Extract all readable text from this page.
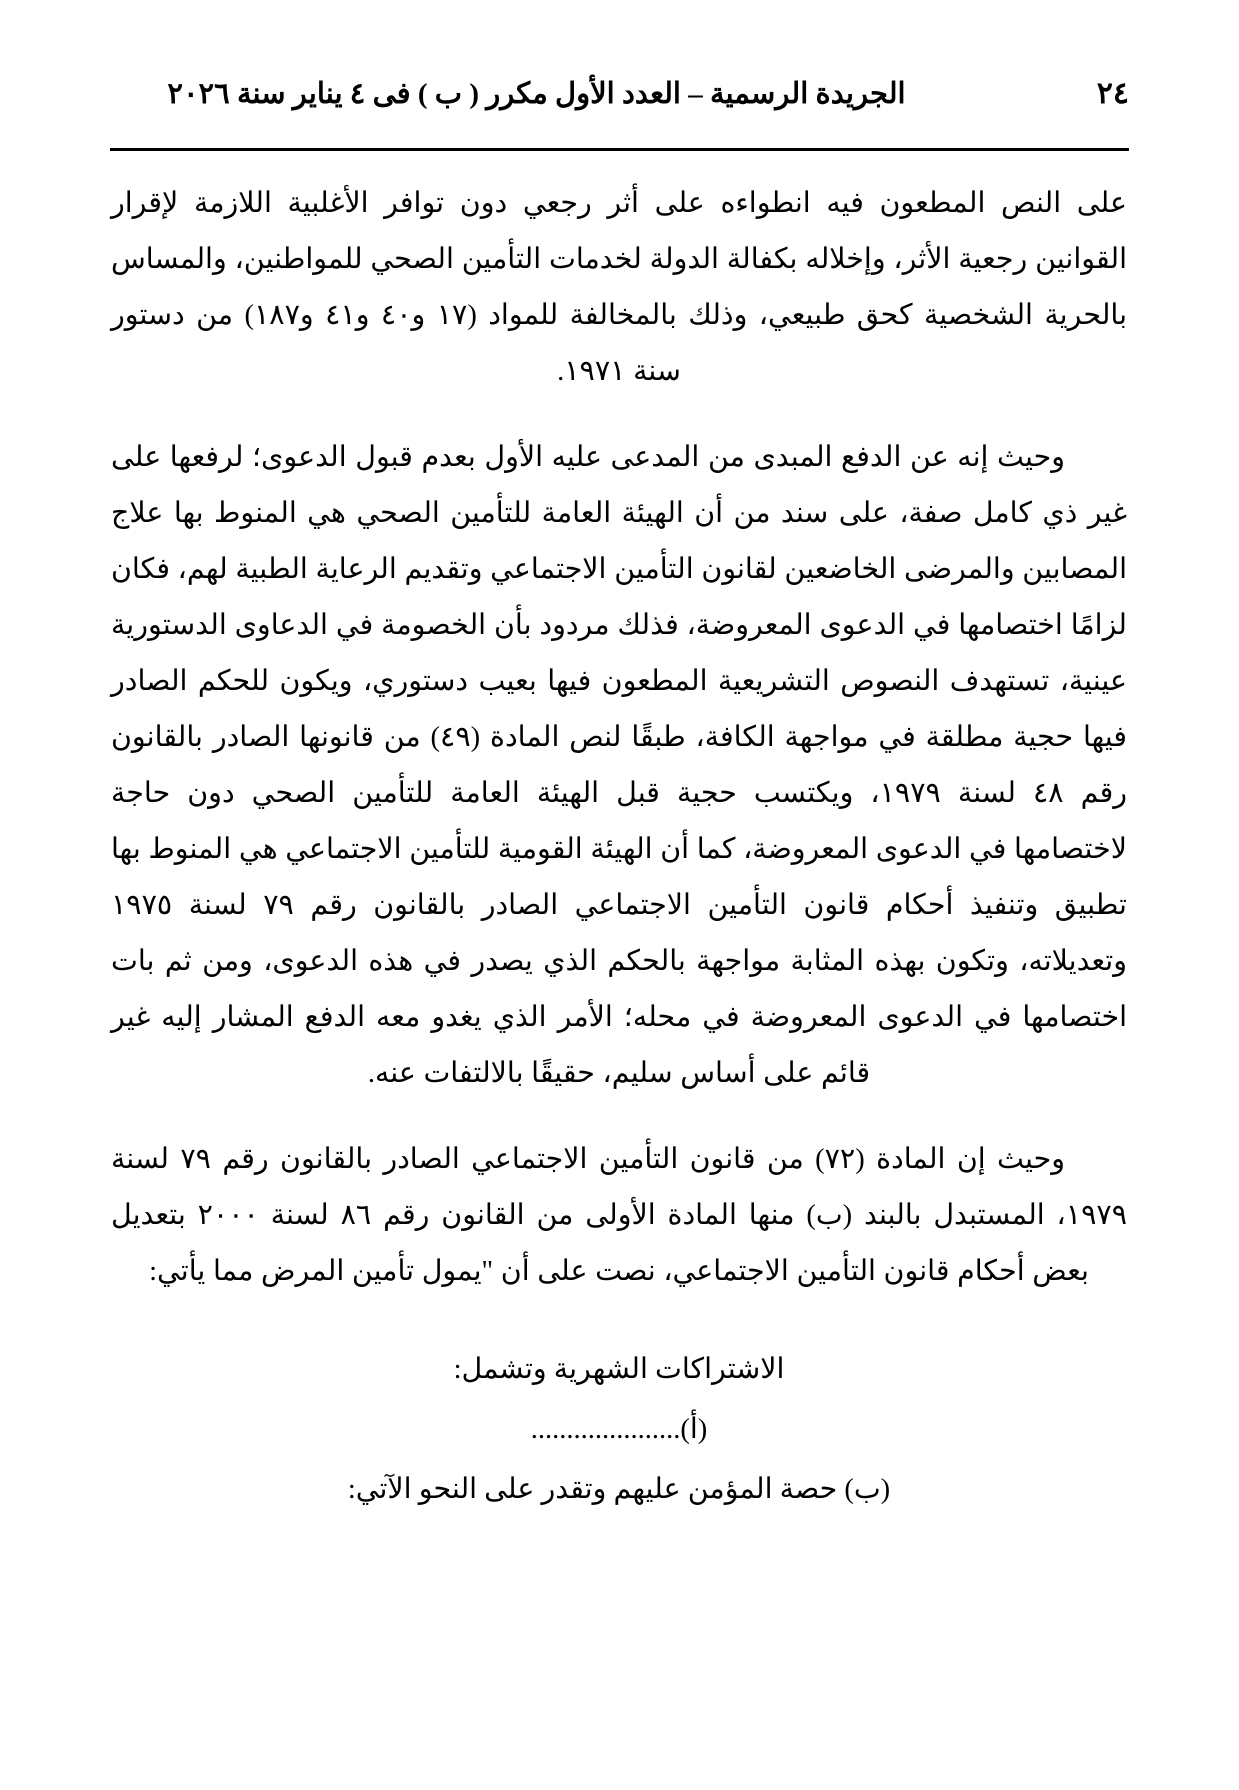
٢٤
الجريدة الرسمية – العدد الأول مكرر ( ب ) فى ٤ يناير سنة ٢٠٢٦

على النص المطعون فيه انطواءه على أثر رجعي دون توافر الأغلبية اللازمة لإقرار القوانين رجعية الأثر، وإخلاله بكفالة الدولة لخدمات التأمين الصحي للمواطنين، والمساس بالحرية الشخصية كحق طبيعي، وذلك بالمخالفة للمواد (١٧ و٤٠ و٤١ و١٨٧) من دستور سنة ١٩٧١.

وحيث إنه عن الدفع المبدى من المدعى عليه الأول بعدم قبول الدعوى؛ لرفعها على غير ذي كامل صفة، على سند من أن الهيئة العامة للتأمين الصحي هي المنوط بها علاج المصابين والمرضى الخاضعين لقانون التأمين الاجتماعي وتقديم الرعاية الطبية لهم، فكان لزامًا اختصامها في الدعوى المعروضة، فذلك مردود بأن الخصومة في الدعاوى الدستورية عينية، تستهدف النصوص التشريعية المطعون فيها بعيب دستوري، ويكون للحكم الصادر فيها حجية مطلقة في مواجهة الكافة، طبقًا لنص المادة (٤٩) من قانونها الصادر بالقانون رقم ٤٨ لسنة ١٩٧٩، ويكتسب حجية قبل الهيئة العامة للتأمين الصحي دون حاجة لاختصامها في الدعوى المعروضة، كما أن الهيئة القومية للتأمين الاجتماعي هي المنوط بها تطبيق وتنفيذ أحكام قانون التأمين الاجتماعي الصادر بالقانون رقم ٧٩ لسنة ١٩٧٥ وتعديلاته، وتكون بهذه المثابة مواجهة بالحكم الذي يصدر في هذه الدعوى، ومن ثم بات اختصامها في الدعوى المعروضة في محله؛ الأمر الذي يغدو معه الدفع المشار إليه غير قائم على أساس سليم، حقيقًا بالالتفات عنه.

وحيث إن المادة (٧٢) من قانون التأمين الاجتماعي الصادر بالقانون رقم ٧٩ لسنة ١٩٧٩، المستبدل بالبند (ب) منها المادة الأولى من القانون رقم ٨٦ لسنة ٢٠٠٠ بتعديل بعض أحكام قانون التأمين الاجتماعي، نصت على أن "يمول تأمين المرض مما يأتي:

الاشتراكات الشهرية وتشمل:

(أ).....................

(ب) حصة المؤمن عليهم وتقدر على النحو الآتي:
